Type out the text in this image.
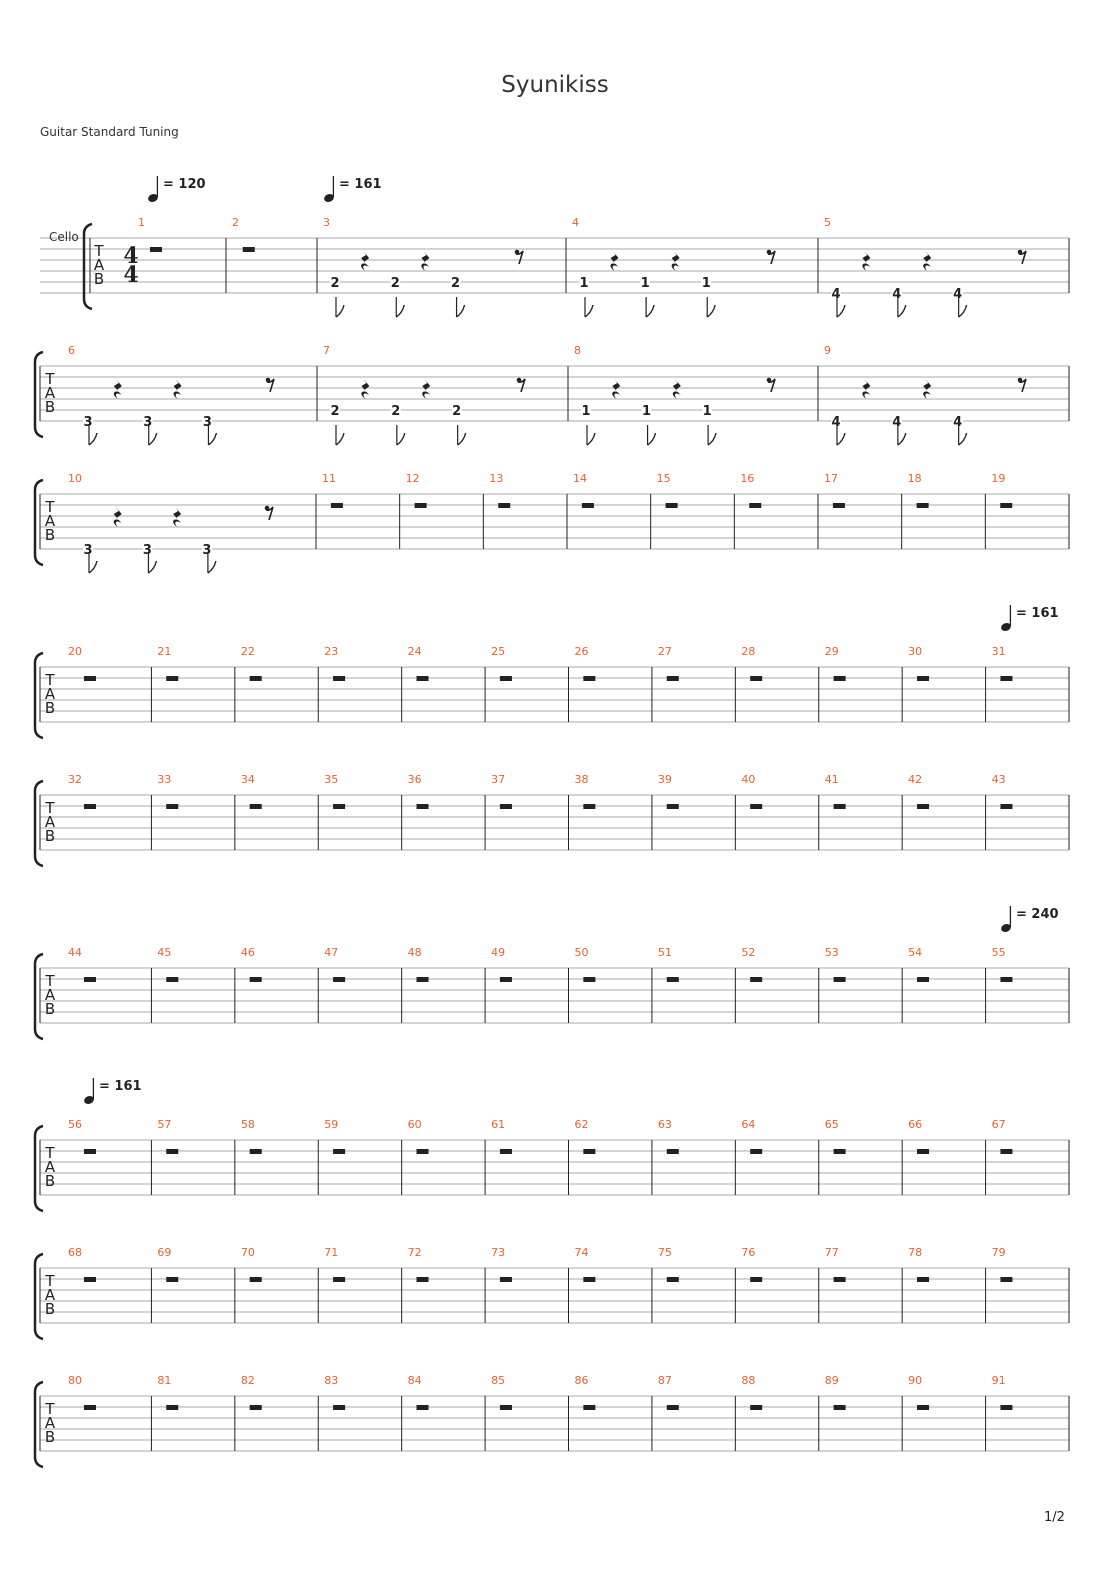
Syunikiss
Guitar Standard Tuning
Cello
4
4
T
A
B
1	2	3
2	2	2
4
1	1	1
5
4	4	4
= 120	= 161
T
A
B
6
3	3	3
7
2	2	2
8
1	1	1
9
4	4	4
T
A
B
10
3	3	3
11	12	13	14	15	16	17	18	19
T
A
B
20	21	22	23	24	25	26	27	28	29	30	31
= 161
T
A
B
32	33	34	35	36	37	38	39	40	41	42	43
T
A
B
44	45	46	47	48	49	50	51	52	53	54	55
= 240
T
A
B
56	57	58	59	60	61	62	63	64	65	66	67
= 161
T
A
B
68	69	70	71	72	73	74	75	76	77	78	79
T
A
B
80	81	82	83	84	85	86	87	88	89	90	91
1/2
